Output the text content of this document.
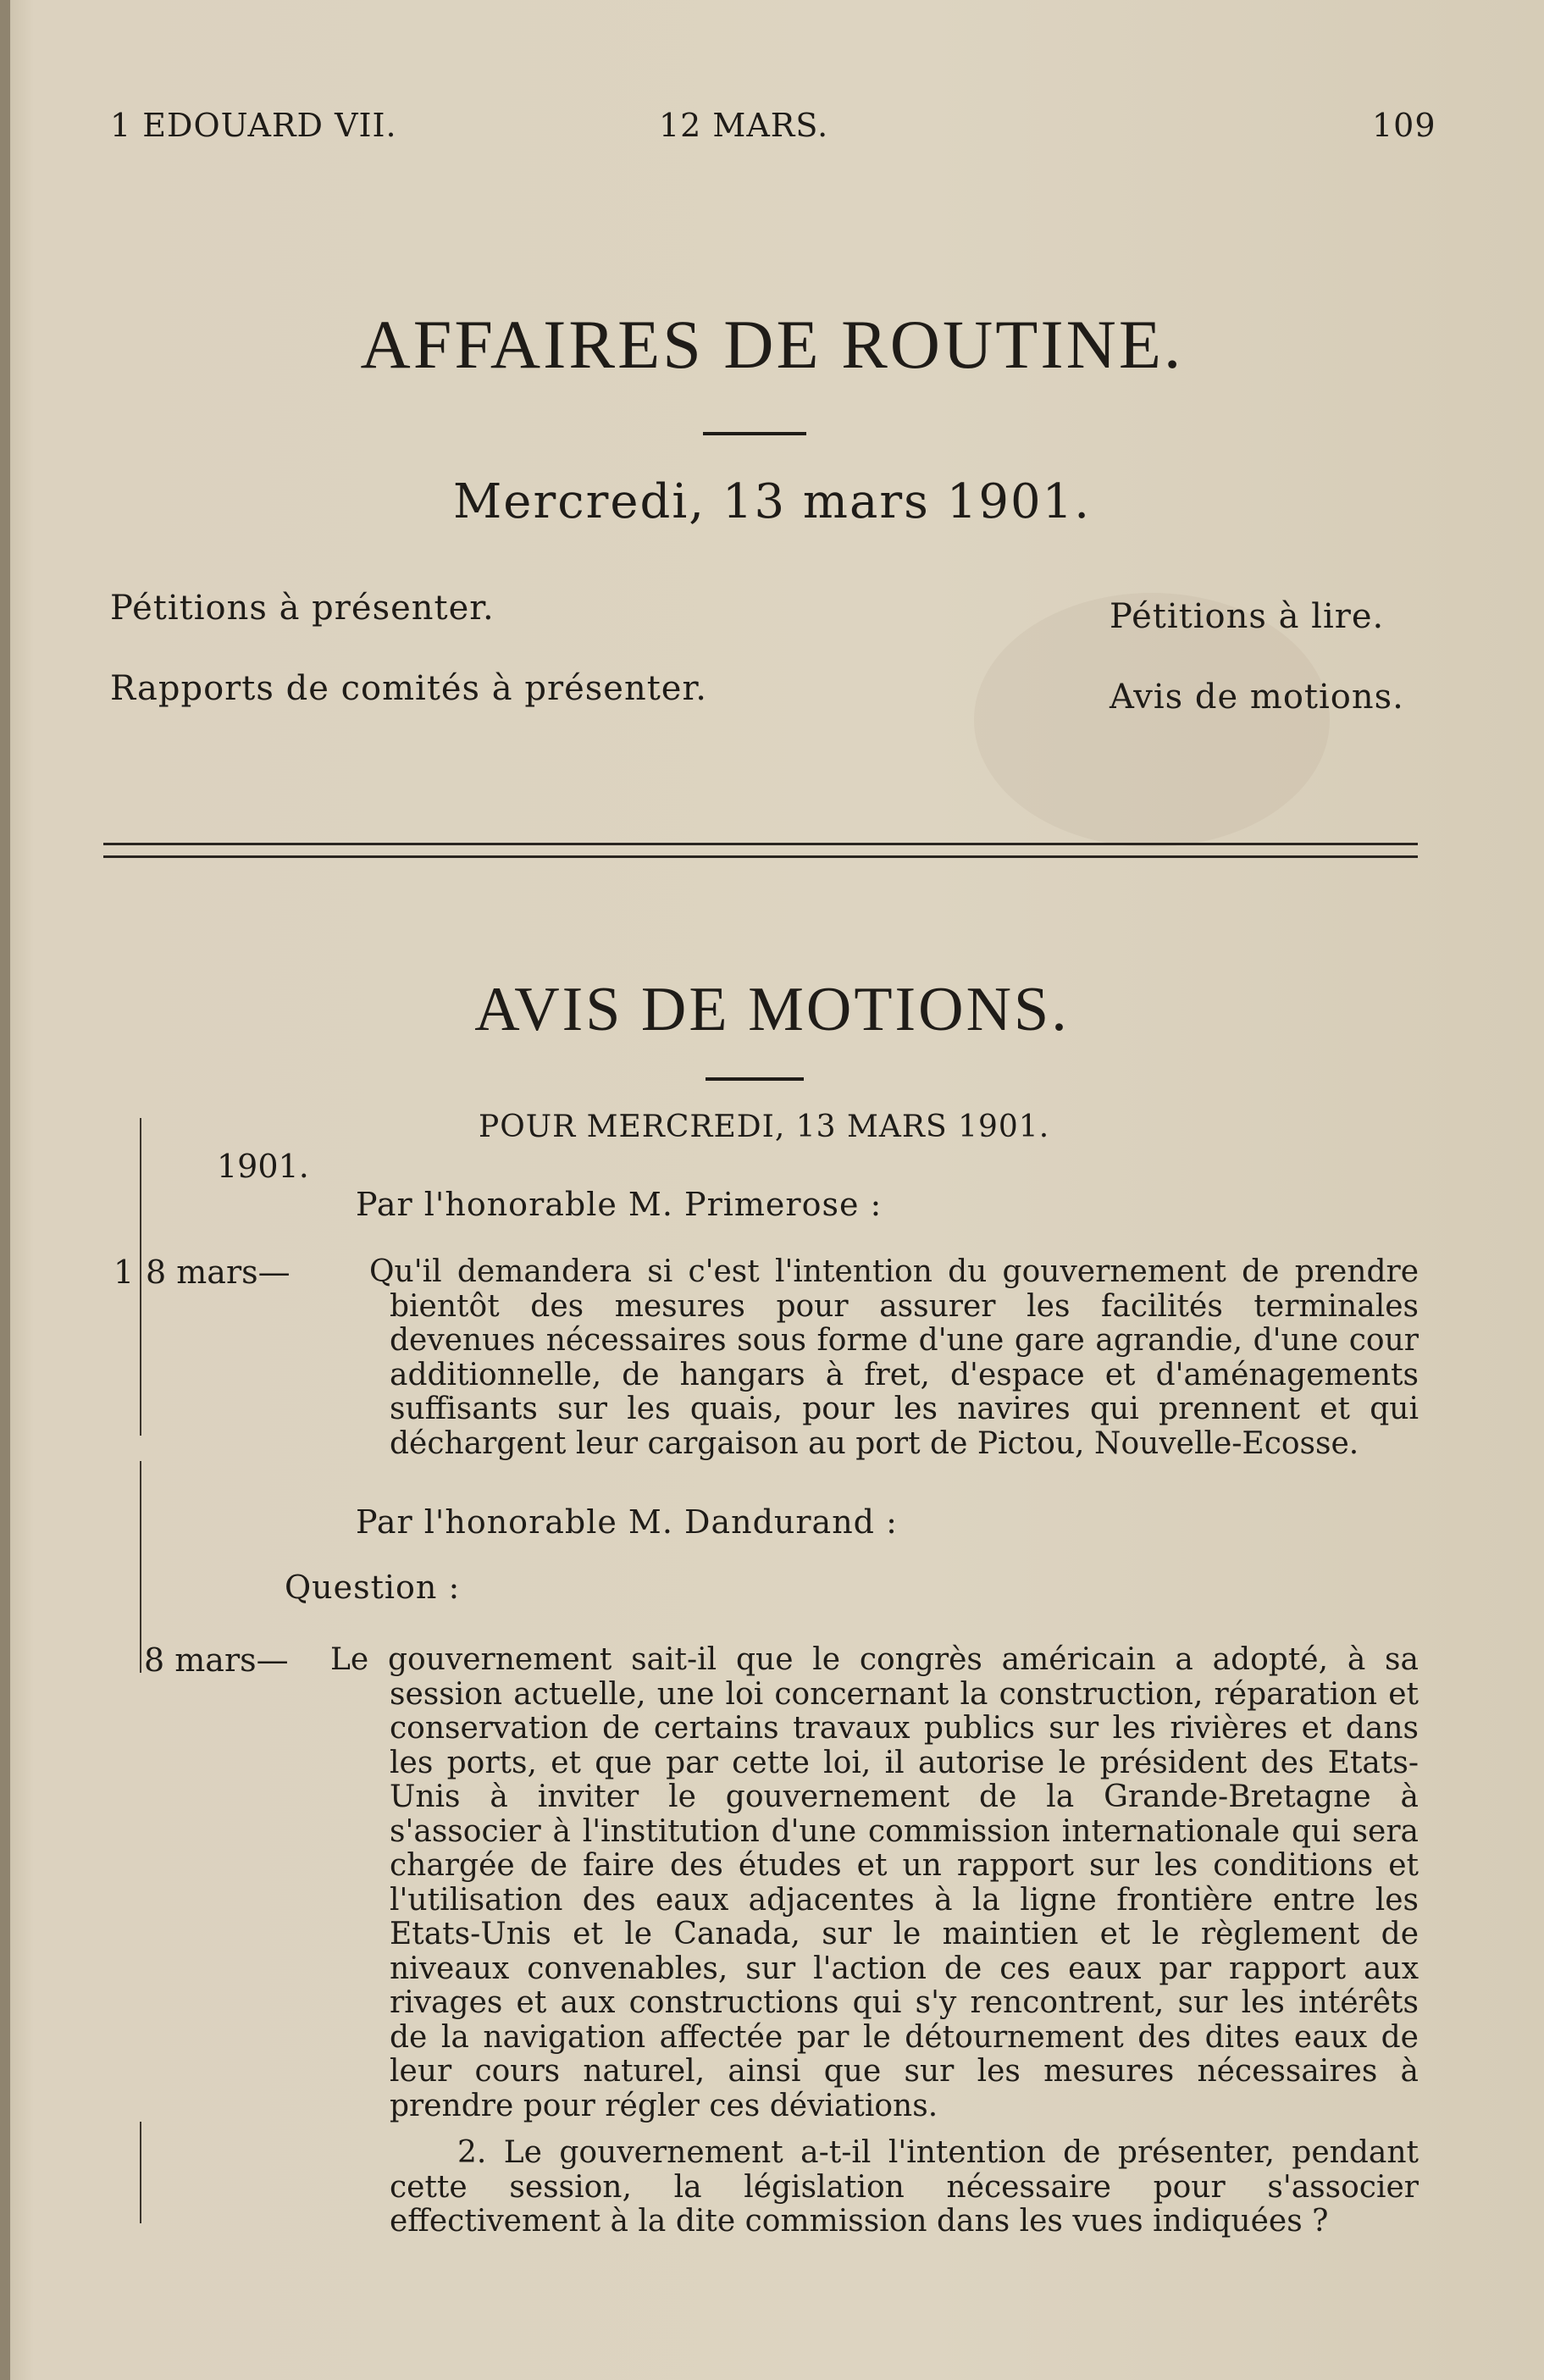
1 EDOUARD VII.	12 MARS.	109
AFFAIRES DE ROUTINE.
Mercredi, 13 mars 1901.
Pétitions à présenter.
Rapports de comités à présenter.
Pétitions à lire.
Avis de motions.
AVIS DE MOTIONS.
POUR MERCREDI, 13 MARS 1901.
1901.
Par l'honorable M. Primerose :
1 8 mars—	Qu'il demandera si c'est l'intention du gouvernement de prendre bientôt des mesures pour assurer les facilités terminales devenues nécessaires sous forme d'une gare agrandie, d'une cour additionnelle, de hangars à fret, d'espace et d'aménagements suffisants sur les quais, pour les navires qui prennent et qui déchargent leur cargaison au port de Pictou, Nouvelle-Ecosse.
Par l'honorable M. Dandurand :
Question :
8 mars— Le gouvernement sait-il que le congrès américain a adopté, à sa session actuelle, une loi concernant la construction, réparation et conservation de certains travaux publics sur les rivières et dans les ports, et que par cette loi, il autorise le président des Etats-Unis à inviter le gouvernement de la Grande-Bretagne à s'associer à l'institution d'une commission internationale qui sera chargée de faire des études et un rapport sur les conditions et l'utilisation des eaux adjacentes à la ligne frontière entre les Etats-Unis et le Canada, sur le maintien et le règlement de niveaux convenables, sur l'action de ces eaux par rapport aux rivages et aux constructions qui s'y rencontrent, sur les intérêts de la navigation affectée par le détournement des dites eaux de leur cours naturel, ainsi que sur les mesures nécessaires à prendre pour régler ces déviations.
2. Le gouvernement a-t-il l'intention de présenter, pendant cette session, la législation nécessaire pour s'associer effectivement à la dite commission dans les vues indiquées ?
